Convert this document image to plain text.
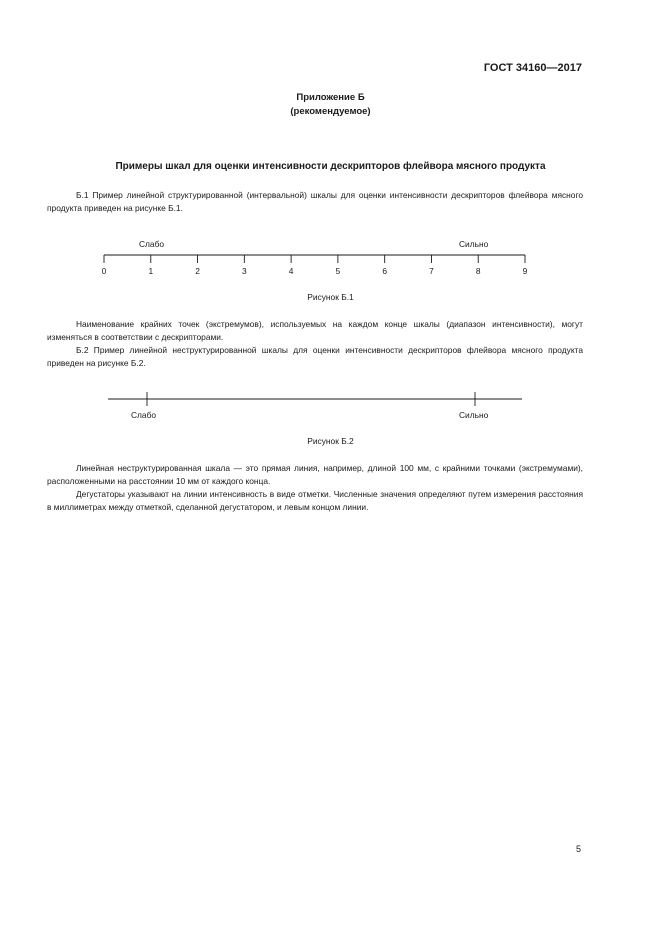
ГОСТ 34160—2017
Приложение Б
(рекомендуемое)
Примеры шкал для оценки интенсивности дескрипторов флейвора мясного продукта

Б.1 Пример линейной структурированной (интервальной) шкалы для оценки интенсивности дескрипторов флейвора мясного продукта приведен на рисунке Б.1.

Слабо	Сильно
0	1	2	3	4	5	6	7	8	9
Рисунок Б.1

Наименование крайних точек (экстремумов), используемых на каждом конце шкалы (диапазон интенсивности), могут изменяться в соответствии с дескрипторами.

Б.2 Пример линейной неструктурированной шкалы для оценки интенсивности дескрипторов флейвора мясного продукта приведен на рисунке Б.2.

Слабо	Сильно
Рисунок Б.2

Линейная неструктурированная шкала — это прямая линия, например, длиной 100 мм, с крайними точками (экстремумами), расположенными на расстоянии 10 мм от каждого конца.

Дегустаторы указывают на линии интенсивность в виде отметки. Численные значения определяют путем измерения расстояния в миллиметрах между отметкой, сделанной дегустатором, и левым концом линии.

5
